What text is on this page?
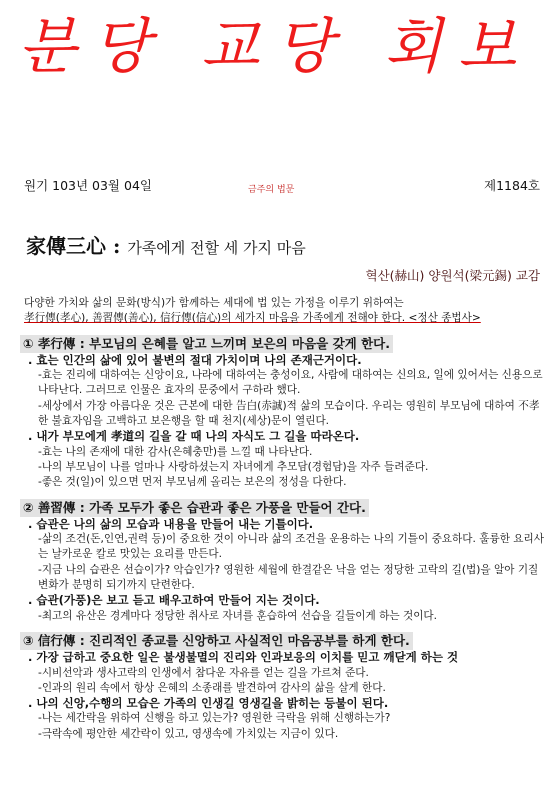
분당 교당 회보
원기 103년 03월 04일	금주의 법문	제1184호
家傳三心 : 가족에게 전할 세 가지 마음
혁산(赫山) 양원석(梁元錫) 교감
다양한 가치와 삶의 문화(방식)가 함께하는 세대에 법 있는 가정을 이루기 위하여는
孝行傳(孝心), 善習傳(善心), 信行傳(信心)의 세가지 마음을 가족에게 전해야 한다. <정산 종법사>
① 孝行傳 : 부모님의 은혜를 알고 느끼며 보은의 마음을 갖게 한다.
. 효는 인간의 삶에 있어 불변의 절대 가치이며 나의 존재근거이다.
-효는 진리에 대하여는 신앙이요, 나라에 대하여는 충성이요, 사람에 대하여는 신의요, 일에 있어서는 신용으로 나타난다. 그러므로 인물은 효자의 문중에서 구하라 했다.
-세상에서 가장 아름다운 것은 근본에 대한 告白(赤誠)적 삶의 모습이다. 우리는 영원히 부모님에 대하여 不孝한 불효자임을 고백하고 보은행을 할 때 천지(세상)문이 열린다.
. 내가 부모에게 孝道의 길을 갈 때 나의 자식도 그 길을 따라온다.
-효는 나의 존재에 대한 감사(은혜충만)를 느낄 때 나타난다.
-나의 부모님이 나를 얼마나 사랑하셨는지 자녀에게 추모담(경험담)을 자주 들려준다.
-좋은 것(일)이 있으면 먼저 부모님께 올리는 보은의 정성을 다한다.
② 善習傳 : 가족 모두가 좋은 습관과 좋은 가풍을 만들어 간다.
. 습관은 나의 삶의 모습과 내용을 만들어 내는 기틀이다.
-삶의 조건(돈,인연,권력 등)이 중요한 것이 아니라 삶의 조건을 운용하는 나의 기틀이 중요하다. 훌륭한 요리사는 날카로운 칼로 맛있는 요리를 만든다.
-지금 나의 습관은 선습이가? 악습인가? 영원한 세월에 한결같은 낙을 얻는 정당한 고락의 길(법)을 알아 기질변화가 분명히 되기까지 단련한다.
. 습관(가풍)은 보고 듣고 배우고하여 만들어 지는 것이다.
-최고의 유산은 경계마다 정당한 취사로 자녀를 훈습하여 선습을 길들이게 하는 것이다.
③ 信行傳 : 진리적인 종교를 신앙하고 사실적인 마음공부를 하게 한다.
. 가장 급하고 중요한 일은 불생불멸의 진리와 인과보응의 이치를 믿고 깨닫게 하는 것
-시비선악과 생사고락의 인생에서 참다운 자유를 얻는 길을 가르쳐 준다.
-인과의 원리 속에서 항상 은혜의 소종래를 발견하여 감사의 삶을 살게 한다.
. 나의 신앙,수행의 모습은 가족의 인생길 영생길을 밝히는 등불이 된다.
-나는 세간락을 위하여 신행을 하고 있는가? 영원한 극락을 위해 신행하는가?
-극락속에 평안한 세간락이 있고, 영생속에 가치있는 지금이 있다.
